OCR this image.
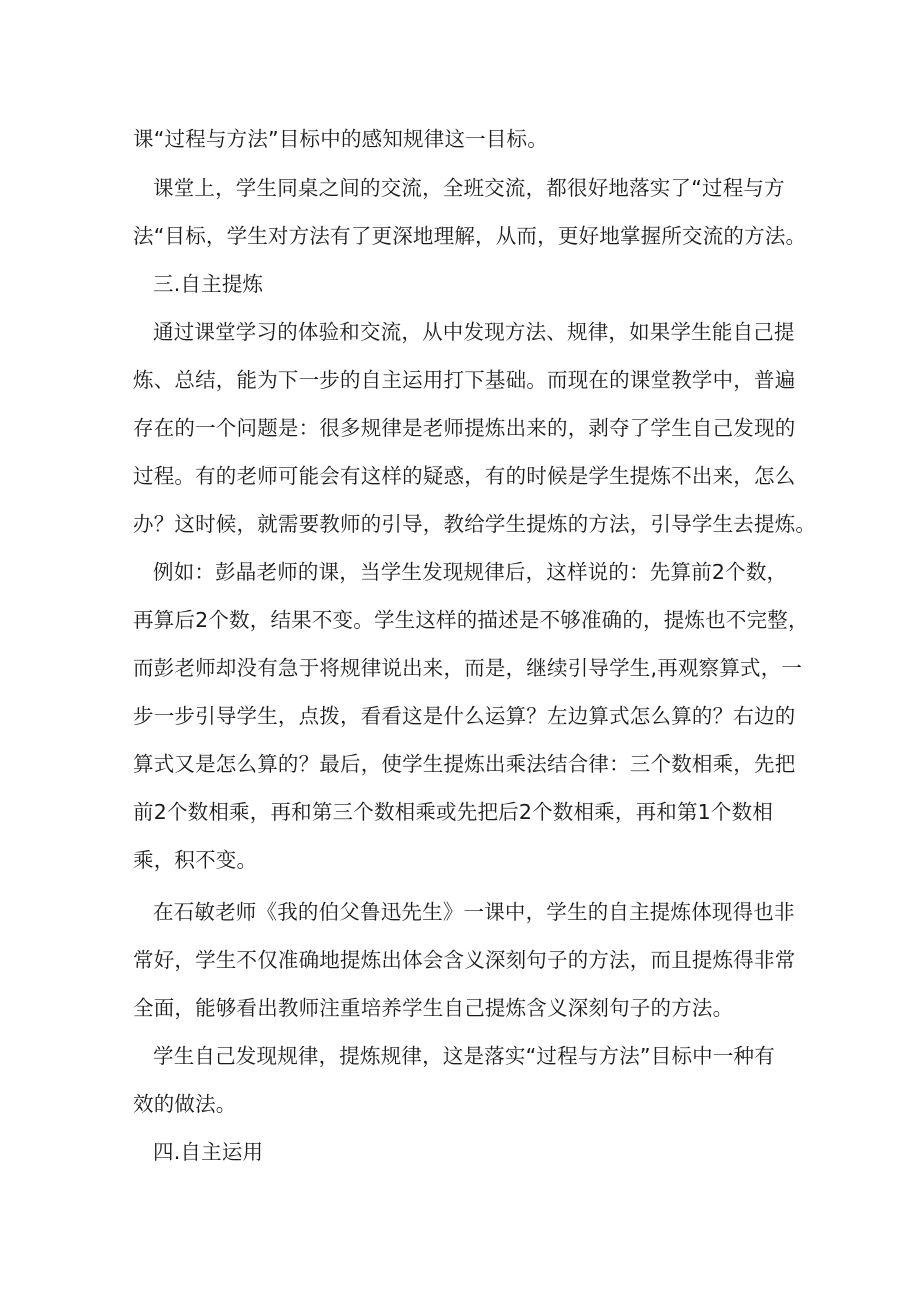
课“过程与方法”目标中的感知规律这一目标。
课堂上，学生同桌之间的交流，全班交流，都很好地落实了“过程与方
法“目标，学生对方法有了更深地理解，从而，更好地掌握所交流的方法。
三.自主提炼
通过课堂学习的体验和交流，从中发现方法、规律，如果学生能自己提
炼、总结，能为下一步的自主运用打下基础。而现在的课堂教学中，普遍
存在的一个问题是：很多规律是老师提炼出来的，剥夺了学生自己发现的
过程。有的老师可能会有这样的疑惑，有的时候是学生提炼不出来，怎么
办？这时候，就需要教师的引导，教给学生提炼的方法，引导学生去提炼。
例如：彭晶老师的课，当学生发现规律后，这样说的：先算前2个数，
再算后2个数，结果不变。学生这样的描述是不够准确的，提炼也不完整，
而彭老师却没有急于将规律说出来，而是，继续引导学生,再观察算式，一
步一步引导学生，点拨，看看这是什么运算？左边算式怎么算的？右边的
算式又是怎么算的？最后，使学生提炼出乘法结合律：三个数相乘，先把
前2个数相乘，再和第三个数相乘或先把后2个数相乘，再和第1个数相
乘，积不变。
在石敏老师《我的伯父鲁迅先生》一课中，学生的自主提炼体现得也非
常好，学生不仅准确地提炼出体会含义深刻句子的方法，而且提炼得非常
全面，能够看出教师注重培养学生自己提炼含义深刻句子的方法。
学生自己发现规律，提炼规律，这是落实“过程与方法”目标中一种有
效的做法。
四.自主运用
